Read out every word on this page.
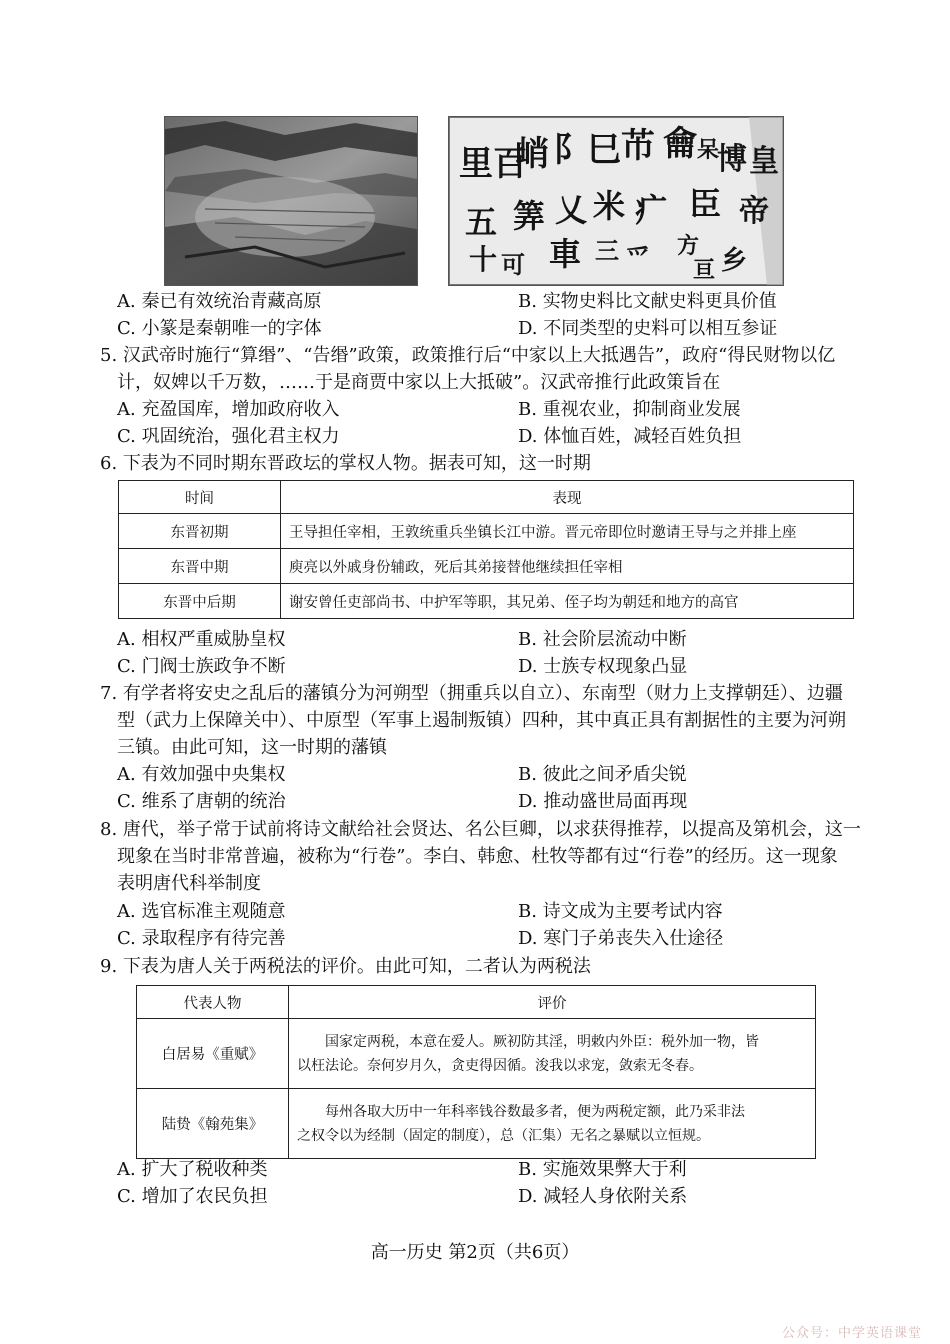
里百
峭 阝巳 芇 龠 呆
博 皇
五 筭 乂 米 疒 臣 帝
十 可 車 三 爫 方
亘 乡
A. 秦已有效统治青藏高原	B. 实物史料比文献史料更具价值
C. 小篆是秦朝唯一的字体	D. 不同类型的史料可以相互参证
5. 汉武帝时施行“算缗”、“告缗”政策，政策推行后“中家以上大抵遇告”，政府“得民财物以亿
计，奴婢以千万数，……于是商贾中家以上大抵破”。汉武帝推行此政策旨在
A. 充盈国库，增加政府收入	B. 重视农业，抑制商业发展
C. 巩固统治，强化君主权力	D. 体恤百姓，减轻百姓负担
6. 下表为不同时期东晋政坛的掌权人物。据表可知，这一时期
时间	表现
东晋初期	王导担任宰相，王敦统重兵坐镇长江中游。晋元帝即位时邀请王导与之并排上座
东晋中期	庾亮以外戚身份辅政，死后其弟接替他继续担任宰相
东晋中后期	谢安曾任吏部尚书、中护军等职，其兄弟、侄子均为朝廷和地方的高官
A. 相权严重威胁皇权	B. 社会阶层流动中断
C. 门阀士族政争不断	D. 士族专权现象凸显
7. 有学者将安史之乱后的藩镇分为河朔型（拥重兵以自立）、东南型（财力上支撑朝廷）、边疆
型（武力上保障关中）、中原型（军事上遏制叛镇）四种，其中真正具有割据性的主要为河朔
三镇。由此可知，这一时期的藩镇
A. 有效加强中央集权	B. 彼此之间矛盾尖锐
C. 维系了唐朝的统治	D. 推动盛世局面再现
8. 唐代，举子常于试前将诗文献给社会贤达、名公巨卿，以求获得推荐，以提高及第机会，这一
现象在当时非常普遍，被称为“行卷”。李白、韩愈、杜牧等都有过“行卷”的经历。这一现象
表明唐代科举制度
A. 选官标准主观随意	B. 诗文成为主要考试内容
C. 录取程序有待完善	D. 寒门子弟丧失入仕途径
9. 下表为唐人关于两税法的评价。由此可知，二者认为两税法
代表人物	评价
白居易《重赋》	国家定两税，本意在爱人。厥初防其淫，明敕内外臣：税外加一物，皆
以枉法论。奈何岁月久，贪吏得因循。浚我以求宠，敛索无冬春。

陆贽《翰苑集》	每州各取大历中一年科率钱谷数最多者，便为两税定额，此乃采非法
之权令以为经制（固定的制度），总（汇集）无名之暴赋以立恒规。
A. 扩大了税收种类	B. 实施效果弊大于利
C. 增加了农民负担	D. 减轻人身依附关系
高一历史 第2页（共6页）
公众号：中学英语课堂
